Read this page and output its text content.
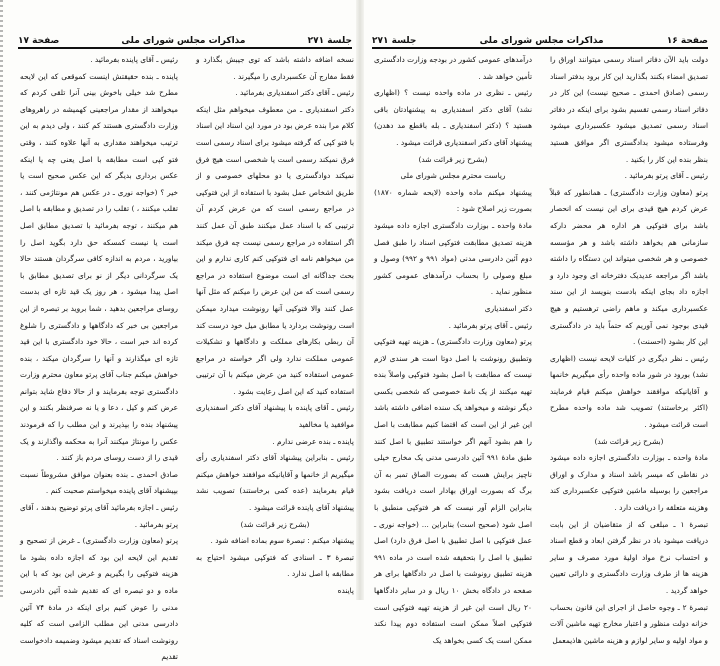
جلسة ۲۷۱
مذاکرات مجلس شورای ملی
صفحة ۱۷

نسخه اضافه داشته باشد که توی جیبش بگذارد و فقط مفارج آن عکسبرداری را میگیرند .

رئیس ـ آقای دکتر اسفندیاری بفرمائید .

دکتر اسفندیاری ـ من معطوف میخواهم مثل اینکه کلام مرا بنده عرض بود در مورد این اسناد این اسناد با فتو کپی که گرفته میشود برای اسناد رسمی است فرق نمیکند رسمی است یا شخصی است هیچ فرق نمیکند دوادگستری یا دو محلهای خصوصی و از طریق اشخاص عمل بشود با استفاده از این فتوکپی در مراجع رسمی است که من عرض کردم آن ترتیبی که با اسناد عمل میکنند طبق آن عمل کنند اگر استفاده در مراجع رسمی نیست چه فرق میکند من میخواهم نامه ای فتوکپی کنم کاری ندارم و این بحث جداگانه ای است موضوع استفاده در مراجع رسمی است که من این عرض را میکنم که مثل آنها عمل کنند والا فتوکپی آنها رونوشت میدارد میمکن است رونوشت بردارد یا مطابق میل خود درست کند آن ربطی بکارهای مملکت و دادگاهها و تشکیلات عمومی مملکت ندارد ولی اگر خواسته در مراجع عمومی استفاده کنید من عرض میکنم با آن ترتیبی استفاده کنید که این اصل رعایت بشود .

رئیس ـ آقای پاینده با پیشنهاد آقای دکتر اسفندیاری موافقید یا مخالفید

پاینده ـ بنده عرضی ندارم .

رئیس ـ بنابراین پیشنهاد آقای دکتر اسفندیاری رأی میگیریم از خانمها و آقایانیکه موافقند خواهش میکنم قیام بفرمایند (عده کمی برخاستند) تصویب نشد پیشنهاد آقای پاینده قرائت میشود .

(بشرح زیر قرائت شد)

پیشنهاد میکنم : تبصرهٔ سوم بماده اضافه شود .

تبصرهٔ ۳ ـ اسنادی که فتوکپی میشود احتیاج به مطابقه با اصل ندارد .

پاینده

رئیس ـ آقای پاینده بفرمائید .

پاینده ـ بنده حقیقتش اینست کموقعی که این لایحه مطرح شد خیلی باخوش بینی آنرا تلقی کردم که میخواهند از مقدار مراجعینی کهمیشه در راهروهای وزارت دادگستری هستند کم کنند ، ولی دیدم به این ترتیب میخواهند مقداری به آنها علاوه کنند ، وقتی فتو کپی است مطابقه با اصل یعنی چه یا اینکه عکس برداری بدیگر که این عکس صحیح است یا خیر ؟ (خواجه نوری ـ در عکس هم مونتاژمی کنند ، تقلب میکنند ، ) تقلب را در تصدیق و مطابقه با اصل هم میکنند ، توجه بفرمائید با تصدیق مطابق اصل است یا نیست کمسکه حق دارد بگوید اصل را بیاورید ، مردم به اندازه کافی سرگردان هستند حالا یک سرگردانی دیگر از نو برای تصدیق مطابق با اصل پیدا میشود ، هر روز یک قید تازه ای بدست روسای مراجعین بدهید ، شما بروید بر تبصره از این مراجعین بی خبر که دادگاهها و دادگستری را شلوغ کرده اند خبر است ، حالا خود دادگستری با این قید تازه ای میگذارند و آنها را سرگردان میکند ، بنده خواهش میکنم جناب آقای پرتو معاون محترم وزارت دادگستری توجه بفرمایند و از حالا دفاع شاید بتوانم عرض کنم و کیل ، دعا و یا نه صرفنظر بکنند و این پیشنهاد بنده را بپذیرند و این مطلب را که فرمودند عکس را مونتاژ میکنند آنرا به محکمه واگذارند و یک قیدی را از دست روسای مردم باز کنند .

صادق احمدی ـ بنده بعنوان موافق مشروطاً نسبت بپیشنهاد آقای پاینده میخواستم صحبت کنم .

رئیس ـ اجازه بفرمائید آقای پرتو توضیح بدهند ، آقای پرتو بفرمائید .

پرتو (معاون وزارت دادگستری) ـ غرض از تصحیح و تقدیم این لایحه این بود که اجازه داده بشود ما هزینه فتوکپی را بگیریم و غرض این بود که با این ماده و دو تبصره ای که تقدیم شده آئین دادرسی مدنی را عوض کنیم برای اینکه در مادهٔ ۷۴ آئین دادرسی مدنی این مطلب الزامی است که کلیه رونوشت اسناد که تقدیم میشود وضمیمه دادخواست تقدیم

صفحة ۱۶
مذاکرات مجلس شورای ملی
جلسة ۲۷۱

دولت باید الآن دفاتر اسناد رسمی میتوانند اوراق را تصدیق امضاء بکنند بگذارید این کار برود بدفتر اسناد رسمی (صادق احمدی ـ صحیح نیست) این کار در دفاتر اسناد رسمی تقسیم بشود برای اینکه در دفاتر اسناد رسمی تصدیق میشود عکسبرداری میشود وفرستاده میشود بدادگستری اگر موافق هستید بنظر بنده این کار را بکنید .

رئیس ـ آقای پرتو بفرمائید .

پرتو (معاون وزارت دادگستری) ـ همانطور که قبلاً عرض کردم هیچ قیدی برای این نیست که انحصار باشد برای فتوکپی هر اداره هر محضر دارکه سازمانی هم بخواهد داشته باشد و هر مؤسسه خصوصی و هر شخصی میتواند این دستگاه را داشته باشد اگر مراجعه عدیدیک دفترخانه ای وجود دارد و اجازه داد بجای اینکه بادست بنویسد از این سند عکسبرداری میکند و ماهم راضی ترهستیم و هیچ قیدی بوجود نمی آوریم که حتماً باید در دادگستری این کار بشود (احسنت) .

رئیس ـ نظر دیگری در کلیات لایحه نیست (اظهاری نشد) بورود در شور ماده واحده رأی میگیریم خانمها و آقایانیکه موافقند خواهش میکنم قیام فرمایند (اکثر برخاستند) تصویب شد ماده واحده مطرح است قرائت میشود .

(بشرح زیر قرائت شد)

مادهٔ واحده ـ بوزارت دادگستری اجازه داده میشود در نقاطی که میسر باشد اسناد و مدارک و اوراق مراجعین را بوسیله ماشین فتوکپی عکسبرداری کند وهزینه متعلقه را دریافت دارد .

تبصرهٔ ۱ ـ مبلغی که از متقاضیان از این بابت دریافت میشود باد در نظر گرفتن ابعاد و قطع اسناد و احتساب نرخ مواد اولیهٔ مورد مصرف و سایر هزینه ها از طرف وزارت دادگستری و دارائی تعیین خواهد گردید .

تبصرهٔ ۲ ـ وجوه حاصل از اجرای این قانون بحساب خزانه دولت منظور و اعتبار مخارج تهیه ماشین آلات و مواد اولیه و سایر لوازم و هزینه ماشین هاذیمعمل

درآمدهای عمومی کشور در بودجه وزارت دادگستری تأمین خواهد شد .

رئیس ـ نظری در ماده واحده نیست ؟ (اظهاری نشد) آقای دکتر اسفندیاری به پیشنهادتان باقی هستید ؟ (دکتر اسفندیاری ـ بله باقطع مد دهدن) پیشنهاد آقای دکتر اسفندیاری قرائت میشود .

(بشرح زیر قرائت شد)

ریاست محترم مجلس شورای ملی

پیشنهاد میکنم ماده واحده (لایحه شماره ۱۸۷۰) بصورت زیر اصلاح شود :

مادهٔ واحده ـ بوزارت دادگستری اجازه داده میشود هزینه تصدیق مطابقت فتوکپی اسناد را طبق فصل دوم آئین دادرسی مدنی (مواد ۹۹۱ و ۹۹۲) وصول و مبلغ وصولی را بحساب درآمدهای عمومی کشور منظور نماید .

دکتر اسفندیاری

رئیس ـ آقای پرتو بفرمائید .

پرتو (معاون وزارت دادگستری) ـ هزینه تهیه فتوکپی وتطبیق رونوشت با اصل دوتا است هر سندی لازم نیست که مطابقت با اصل بشود فتوکپی واصلاً بنده تهیه میکنند از یک نامهٔ خصوصی که شخصی بکسی دیگر نوشته و میخواهد یک سنده اضافی داشته باشد این غیر از این است که اقتضا کنیم مطابقت با اصل را هم بشود آنهم اگر خواستند تطبیق با اصل کنند طبق مادهٔ ۹۹۱ آئین دادرسی مدنی یک مخارج خیلی ناچیز برایش هست که بصورت الصاق تمبر به آن برگ که بصورت اوراق بهادار است دریافت بشود بنابراین الزام آور نیست که هر فتوکپی منطبق با اصل شود (صحیح است) بنابراین ... (خواجه نوری ـ عمل فتوکپی با اصل تطبیق با اصل فرق دارد) اصل تطبیق با اصل را بتحقیقه شده است در ماده ۹۹۱ هزینه تطبیق رونوشت با اصل در دادگاهها برای هر صفحه در دادگاه بخش ۱۰ ریال و در سایر دادگاهها ۲۰ ریال است این غیر از هزینه تهیه فتوکپی است فتوکپی اصلاً ممکن است استفاده دوم پیدا نکند ممکن است یک کسی بخواهد یک
